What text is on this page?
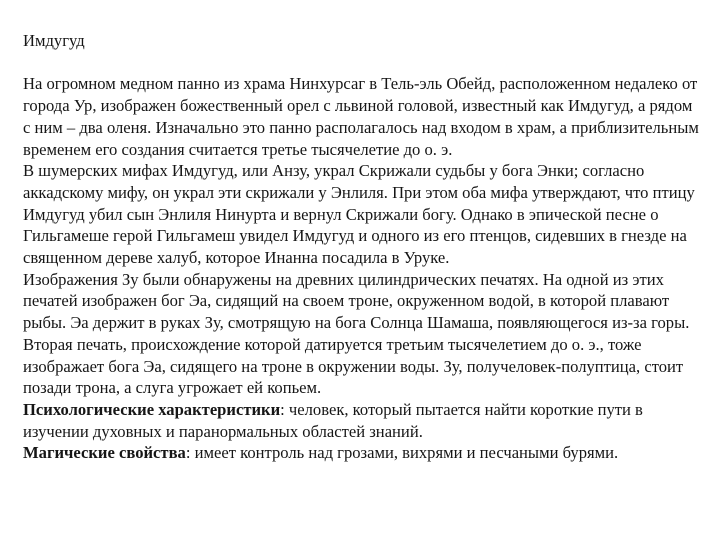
Имдугуд

На огромном медном панно из храма Нинхурсаг в Тель-эль Обейд, расположенном недалеко от города Ур, изображен божественный орел с львиной головой, известный как Имдугуд, а рядом с ним – два оленя. Изначально это панно располагалось над входом в храм, а приблизительным временем его создания считается третье тысячелетие до о. э.

В шумерских мифах Имдугуд, или Анзу, украл Скрижали судьбы у бога Энки; согласно аккадскому мифу, он украл эти скрижали у Энлиля. При этом оба мифа утверждают, что птицу Имдугуд убил сын Энлиля Нинурта и вернул Скрижали богу. Однако в эпической песне о Гильгамеше герой Гильгамеш увидел Имдугуд и одного из его птенцов, сидевших в гнезде на священном дереве халуб, которое Инанна посадила в Уруке.

Изображения Зу были обнаружены на древних цилиндрических печатях. На одной из этих печатей изображен бог Эа, сидящий на своем троне, окруженном водой, в которой плавают рыбы. Эа держит в руках Зу, смотрящую на бога Солнца Шамаша, появляющегося из-за горы.

Вторая печать, происхождение которой датируется третьим тысячелетием до о. э., тоже изображает бога Эа, сидящего на троне в окружении воды. Зу, получеловек-полуптица, стоит позади трона, а слуга угрожает ей копьем.

Психологические характеристики: человек, который пытается найти короткие пути в изучении духовных и паранормальных областей знаний.

Магические свойства: имеет контроль над грозами, вихрями и песчаными бурями.
